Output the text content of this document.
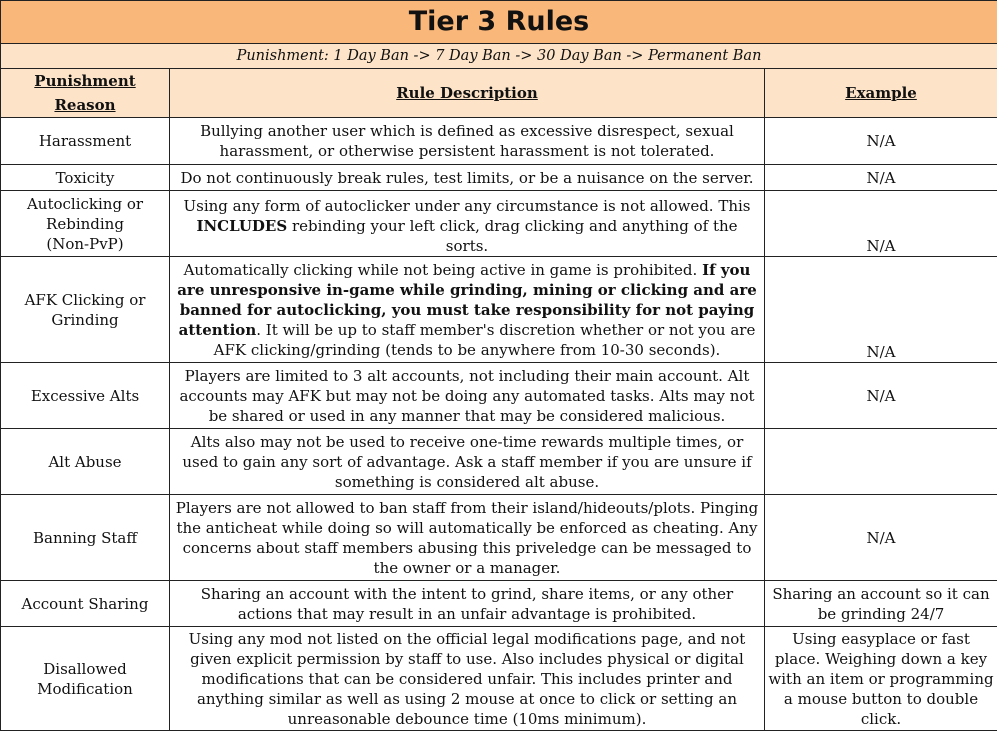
Tier 3 Rules		
Punishment: 1 Day Ban -> 7 Day Ban -> 30 Day Ban -> Permanent Ban		
Punishment Reason	Rule Description	Example
Harassment	Bullying another user which is defined as excessive disrespect, sexual harassment, or otherwise persistent harassment is not tolerated.	N/A
Toxicity	Do not continuously break rules, test limits, or be a nuisance on the server.	N/A

Autoclicking or
Rebinding
(Non-PvP)	Using any form of autoclicker under any circumstance is not allowed. This INCLUDES rebinding your left click, drag clicking and anything of the sorts.	N/A

AFK Clicking or
Grinding	Automatically clicking while not being active in game is prohibited. If you are unresponsive in-game while grinding, mining or clicking and are banned for autoclicking, you must take responsibility for not paying attention. It will be up to staff member's discretion whether or not you are AFK clicking/grinding (tends to be anywhere from 10-30 seconds).	N/A
Excessive Alts	Players are limited to 3 alt accounts, not including their main account. Alt accounts may AFK but may not be doing any automated tasks. Alts may not be shared or used in any manner that may be considered malicious.	N/A
Alt Abuse	Alts also may not be used to receive one-time rewards multiple times, or used to gain any sort of advantage. Ask a staff member if you are unsure if something is considered alt abuse.	
Banning Staff	Players are not allowed to ban staff from their island/hideouts/plots. Pinging the anticheat while doing so will automatically be enforced as cheating. Any concerns about staff members abusing this priveledge can be messaged to the owner or a manager.	N/A
Account Sharing	Sharing an account with the intent to grind, share items, or any other actions that may result in an unfair advantage is prohibited.	Sharing an account so it can be grinding 24/7

Disallowed
Modification	Using any mod not listed on the official legal modifications page, and not given explicit permission by staff to use. Also includes physical or digital modifications that can be considered unfair. This includes printer and anything similar as well as using 2 mouse at once to click or setting an unreasonable debounce time (10ms minimum).	Using easyplace or fast place. Weighing down a key with an item or programming a mouse button to double click.
